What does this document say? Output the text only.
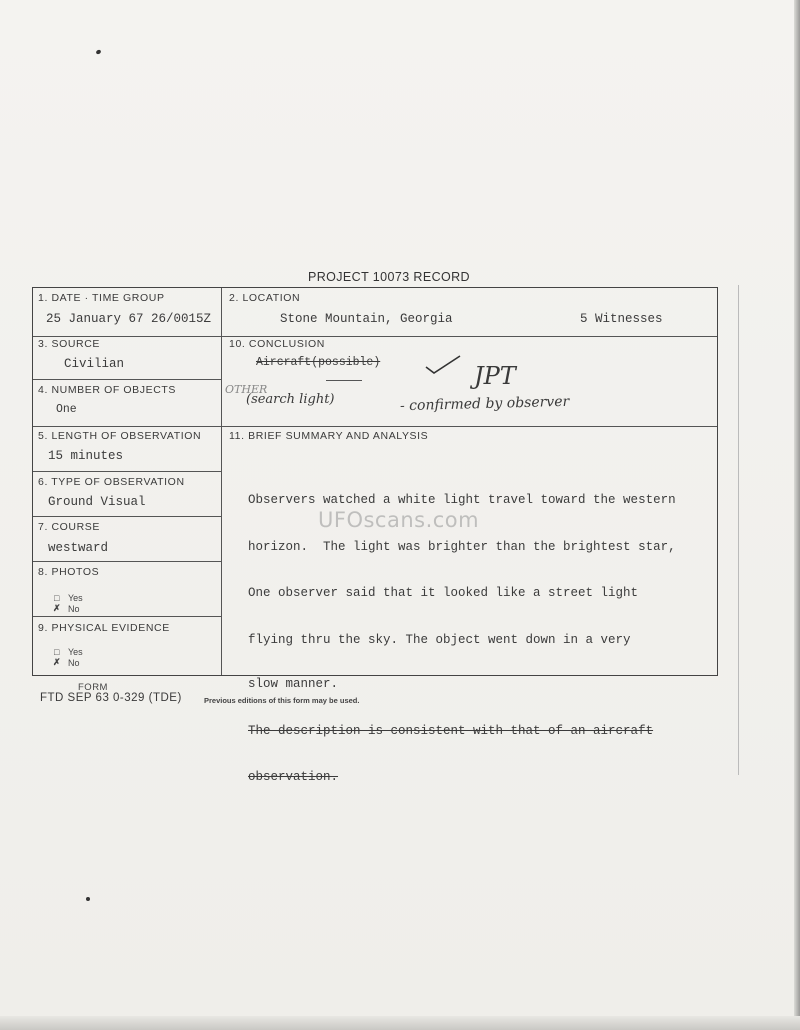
PROJECT 10073 RECORD
1. DATE · TIME GROUP
25 January 67 26/0015Z
2. LOCATION
Stone Mountain, Georgia	5 Witnesses
3. SOURCE
Civilian
4. NUMBER OF OBJECTS
One
10. CONCLUSION
Aircraft(possible)	JPT
OTHER
(search light)	- confirmed by observer
5. LENGTH OF OBSERVATION
15 minutes
6. TYPE OF OBSERVATION
Ground Visual
7. COURSE
westward
8. PHOTOS
□ Yes
✗ No
9. PHYSICAL EVIDENCE
□ Yes
✗ No
11. BRIEF SUMMARY AND ANALYSIS

Observers watched a white light travel toward the western

horizon.  The light was brighter than the brightest star,

One observer said that it looked like a street light

flying thru the sky. The object went down in a very

slow manner.

The description is consistent with that of an aircraft

observation.

UFOscans.com
FORM
FTD SEP 63 0-329 (TDE)	Previous editions of this form may be used.
